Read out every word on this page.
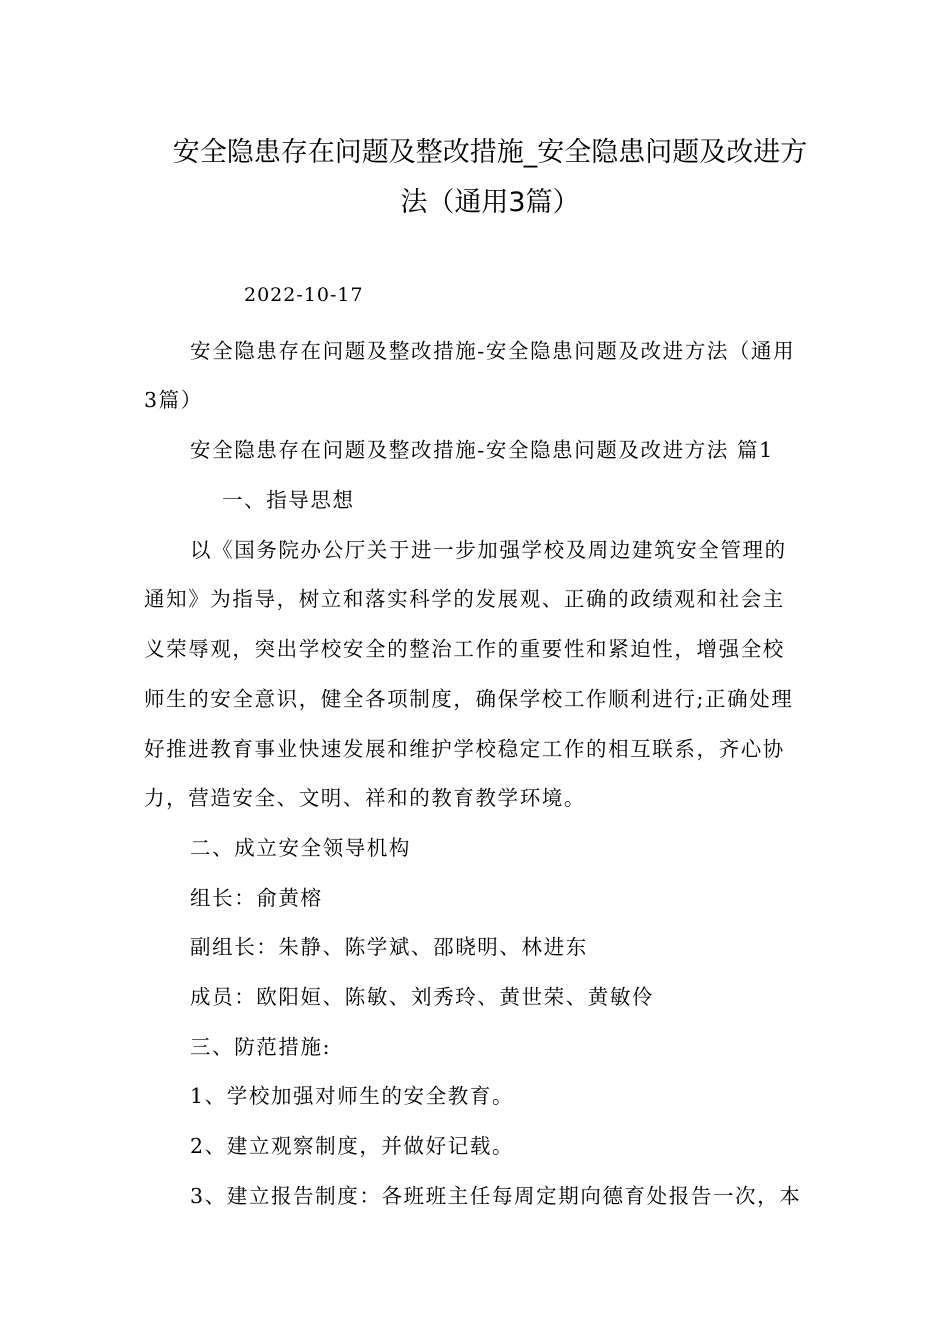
安全隐患存在问题及整改措施_安全隐患问题及改进方
法（通用3篇）
2022-10-17
安全隐患存在问题及整改措施-安全隐患问题及改进方法（通用
3篇）
安全隐患存在问题及整改措施-安全隐患问题及改进方法 篇1
一、指导思想
以《国务院办公厅关于进一步加强学校及周边建筑安全管理的
通知》为指导，树立和落实科学的发展观、正确的政绩观和社会主
义荣辱观，突出学校安全的整治工作的重要性和紧迫性，增强全校
师生的安全意识，健全各项制度，确保学校工作顺利进行;正确处理
好推进教育事业快速发展和维护学校稳定工作的相互联系，齐心协
力，营造安全、文明、祥和的教育教学环境。
二、成立安全领导机构
组长：俞黄榕
副组长：朱静、陈学斌、邵晓明、林进东
成员：欧阳姮、陈敏、刘秀玲、黄世荣、黄敏伶
三、防范措施:
1、学校加强对师生的安全教育。
2、建立观察制度，并做好记载。
3、建立报告制度：各班班主任每周定期向德育处报告一次，本
